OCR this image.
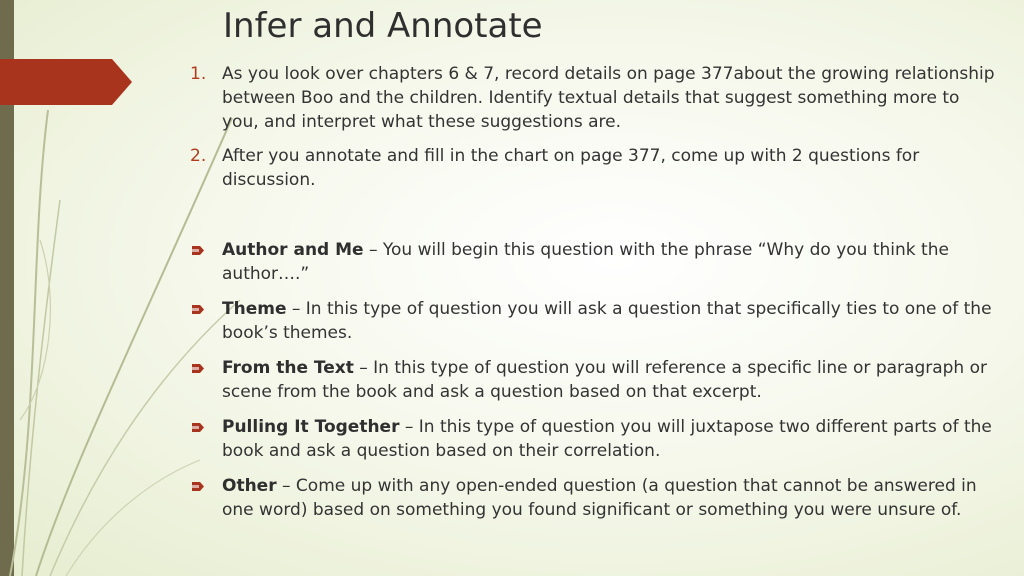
Infer and Annotate
1. As you look over chapters 6 & 7, record details on page 377about the growing relationship between Boo and the children. Identify textual details that suggest something more to you, and interpret what these suggestions are.
2. After you annotate and fill in the chart on page 377, come up with 2 questions for discussion.
Author and Me – You will begin this question with the phrase “Why do you think the author….”
Theme – In this type of question you will ask a question that specifically ties to one of the book’s themes.
From the Text – In this type of question you will reference a specific line or paragraph or scene from the book and ask a question based on that excerpt.
Pulling It Together – In this type of question you will juxtapose two different parts of the book and ask a question based on their correlation.
Other – Come up with any open-ended question (a question that cannot be answered in one word) based on something you found significant or something you were unsure of.
